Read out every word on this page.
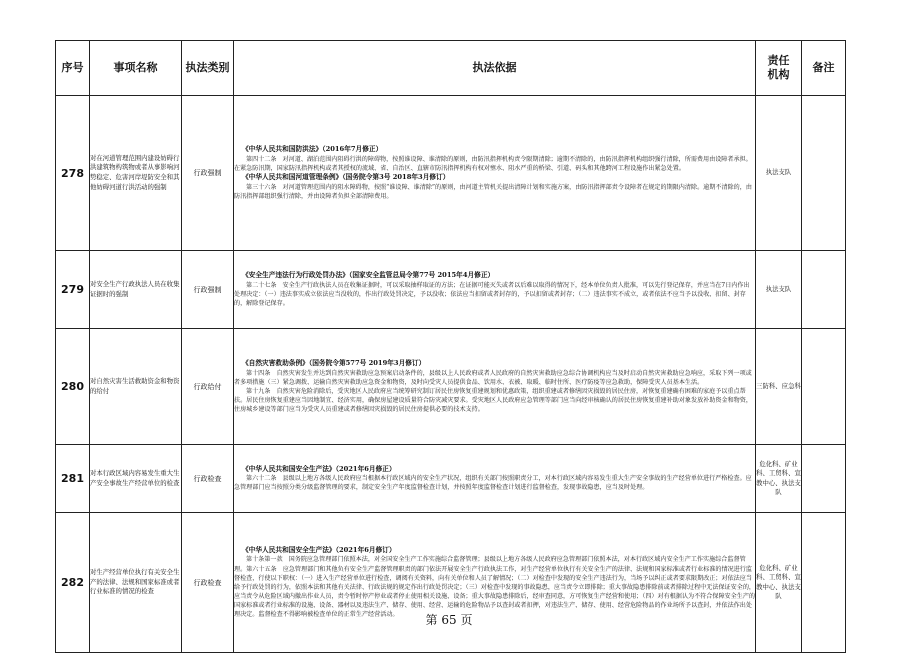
序号	事项名称	执法类别	执法依据	责任机构	备注
278	对在河道管理范围内建设妨碍行洪建筑物构筑物或者从事影响河势稳定、危害河岸堤防安全和其他妨碍河道行洪活动的强制	行政强制	《中华人民共和国防洪法》（2016年7月修正）
第四十二条　对河道、湖泊范围内阻碍行洪的障碍物，按照谁设障、谁清除的原则，由防汛指挥机构责令限期清除；逾期不清除的，由防汛指挥机构组织强行清除，所需费用由设障者承担。在紧急防汛期，国家防汛指挥机构或者其授权的流域、省、自治区、直辖市防汛指挥机构有权对壅水、阻水严重的桥梁、引道、码头和其他跨河工程设施作出紧急处置。
《中华人民共和国河道管理条例》（国务院令第3号 2018年3月修订）
第三十六条　对河道管理范围内的阻水障碍物，按照“谁设障、谁清除”的原则，由河道主管机关提出清障计划和实施方案，由防汛指挥部责令设障者在规定的期限内清除。逾期不清除的，由防汛指挥部组织强行清除，并由设障者负担全部清障费用。	执法支队	
279	对安全生产行政执法人员在收集证据时的强制	行政强制	《安全生产违法行为行政处罚办法》（国家安全监管总局令第77号 2015年4月修正）
第二十七条　安全生产行政执法人员在收集证据时，可以采取抽样取证的方法；在证据可能灭失或者以后难以取得的情况下，经本单位负责人批准，可以先行登记保存，并应当在7日内作出处理决定：（一）违法事实成立依法应当没收的，作出行政处罚决定，予以没收；依法应当扣留或者封存的，予以扣留或者封存；（二）违法事实不成立，或者依法不应当予以没收、扣留、封存的，解除登记保存。	执法支队	
280	对自然灾害生活救助资金和物资的给付	行政给付	《自然灾害救助条例》（国务院令第577号 2019年3月修订）
第十四条　自然灾害发生并达到自然灾害救助应急预案启动条件的，县级以上人民政府或者人民政府的自然灾害救助应急综合协调机构应当及时启动自然灾害救助应急响应，采取下列一项或者多项措施（三）紧急调拨、运输自然灾害救助应急资金和物资，及时向受灾人员提供食品、饮用水、衣被、取暖、临时住所、医疗防疫等应急救助，保障受灾人员基本生活。
第十九条　自然灾害危险消除后，受灾地区人民政府应当统筹研究制订居民住房恢复重建规划和优惠政策，组织重建或者修缮因灾损毁的居民住房，对恢复重建确有困难的家庭予以重点帮扶。居民住房恢复重建应当因地制宜、经济实用，确保房屋建设质量符合防灾减灾要求。受灾地区人民政府应急管理等部门应当向经审核确认的居民住房恢复重建补助对象发放补助资金和物资，住房城乡建设等部门应当为受灾人员重建或者修缮因灾损毁的居民住房提供必要的技术支持。	三防科、应急科	
281	对本行政区域内容易发生重大生产安全事故生产经营单位的检查	行政检查	《中华人民共和国安全生产法》（2021年6月修正）
第六十二条　县级以上地方各级人民政府应当根据本行政区域内的安全生产状况，组织有关部门按照职责分工，对本行政区域内容易发生重大生产安全事故的生产经营单位进行严格检查。应急管理部门应当按照分类分级监督管理的要求，制定安全生产年度监督检查计划，并按照年度监督检查计划进行监督检查，发现事故隐患，应当及时处理。	危化科、矿业科、工贸科、宣教中心、执法支队	
282	对生产经营单位执行有关安全生产的法律、法规和国家标准或者行业标准的情况的检查	行政检查	《中华人民共和国安全生产法》（2021年6月修订）
第十条第一款　国务院应急管理部门依照本法，对全国安全生产工作实施综合监督管理；县级以上地方各级人民政府应急管理部门依照本法，对本行政区域内安全生产工作实施综合监督管理。第六十五条　应急管理部门和其他负有安全生产监督管理职责的部门依法开展安全生产行政执法工作，对生产经营单位执行有关安全生产的法律、法规和国家标准或者行业标准的情况进行监督检查，行使以下职权：（一）进入生产经营单位进行检查，调阅有关资料，向有关单位和人员了解情况；（二）对检查中发现的安全生产违法行为，当场予以纠正或者要求限期改正；对依法应当给予行政处罚的行为，依照本法和其他有关法律、行政法规的规定作出行政处罚决定；（三）对检查中发现的事故隐患，应当责令立即排除；重大事故隐患排除前或者排除过程中无法保证安全的，应当责令从危险区域内撤出作业人员，责令暂时停产停业或者停止使用相关设施、设备；重大事故隐患排除后，经审查同意，方可恢复生产经营和使用；（四）对有根据认为不符合保障安全生产的国家标准或者行业标准的设施、设备、器材以及违法生产、储存、使用、经营、运输的危险物品予以查封或者扣押，对违法生产、储存、使用、经营危险物品的作业场所予以查封，并依法作出处理决定。监督检查不得影响被检查单位的正常生产经营活动。	危化科、矿业科、工贸科、宣教中心、执法支队	
第 65 页
